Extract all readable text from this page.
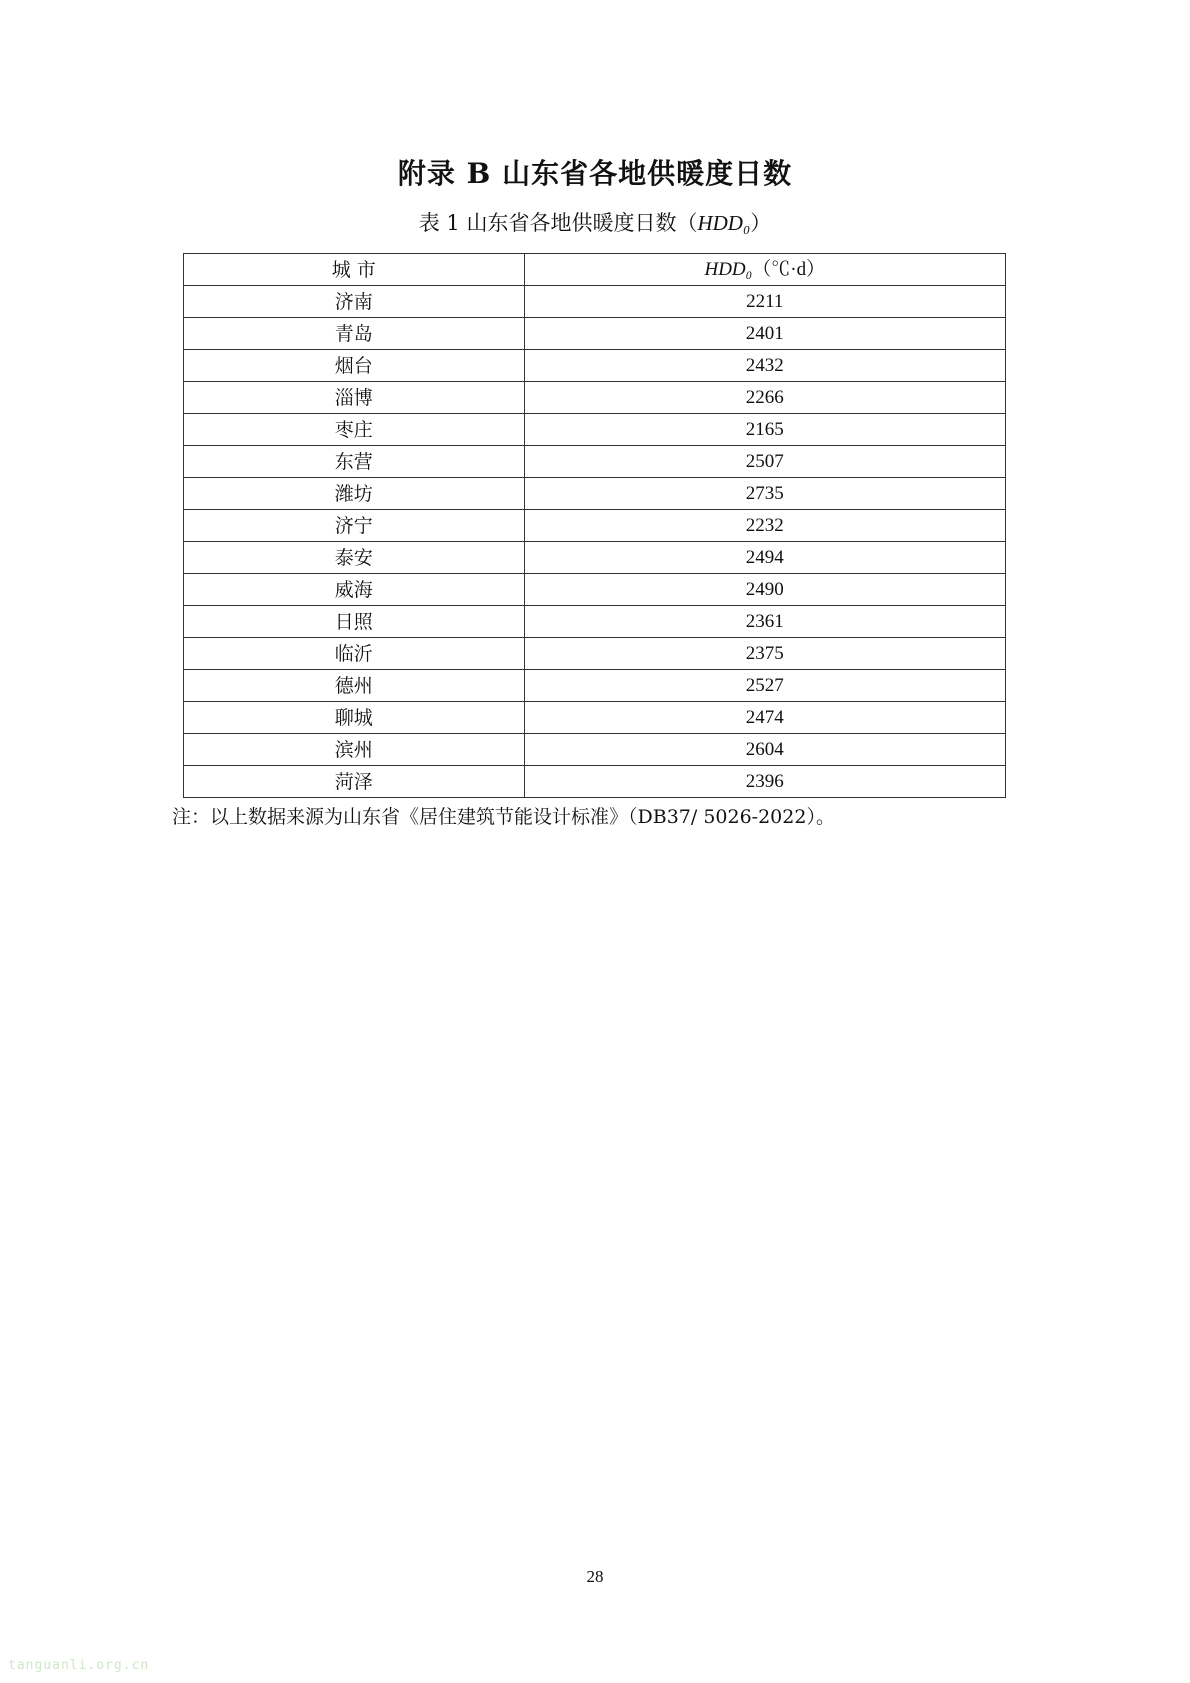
附录 B 山东省各地供暖度日数
表 1 山东省各地供暖度日数（HDD₀）
城 市	HDD₀（℃·d）
济南	2211
青岛	2401
烟台	2432
淄博	2266
枣庄	2165
东营	2507
潍坊	2735
济宁	2232
泰安	2494
威海	2490
日照	2361
临沂	2375
德州	2527
聊城	2474
滨州	2604
菏泽	2396
注：以上数据来源为山东省《居住建筑节能设计标准》（DB37/ 5026-2022）。
28
tanguanli.org.cn
